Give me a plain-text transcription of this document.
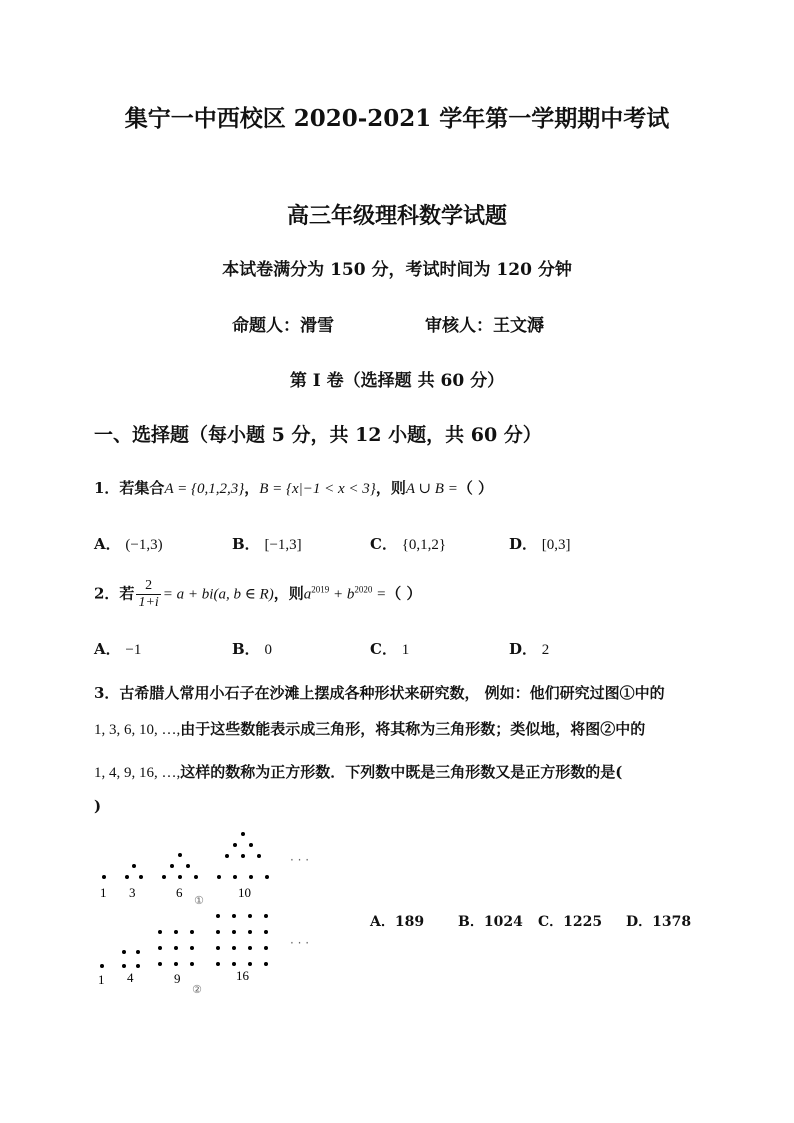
集宁一中西校区 2020-2021 学年第一学期期中考试
高三年级理科数学试题
本试卷满分为 150 分，考试时间为 120 分钟
命题人：滑雪	审核人：王文溽
第 I 卷（选择题 共 60 分）
一、选择题（每小题 5 分，共 12 小题，共 60 分）
1．若集合A = {0,1,2,3}，B = {x|−1 < x < 3}，则A ∪ B =（ ）
A． (−1,3)	B． [−1,3]	C． {0,1,2}	D． [0,3]
2．若 $\frac{2}{1+i} = a + bi(a$, b ∈ R)，则$a^{2019} + b^{2020}$ =（ ）
A． −1	B． 0	C． 1	D． 2
3．古希腊人常用小石子在沙滩上摆成各种形状来研究数， 例如：他们研究过图①中的
1, 3, 6, 10, …,由于这些数能表示成三角形，将其称为三角形数；类似地，将图②中的
1, 4, 9, 16, …,这样的数称为正方形数．下列数中既是三角形数又是正方形数的是(
)
1 3	6	10
①
· · ·
1 4	9	16
②
· · ·
A．189 B．1024 C．1225 D．1378
